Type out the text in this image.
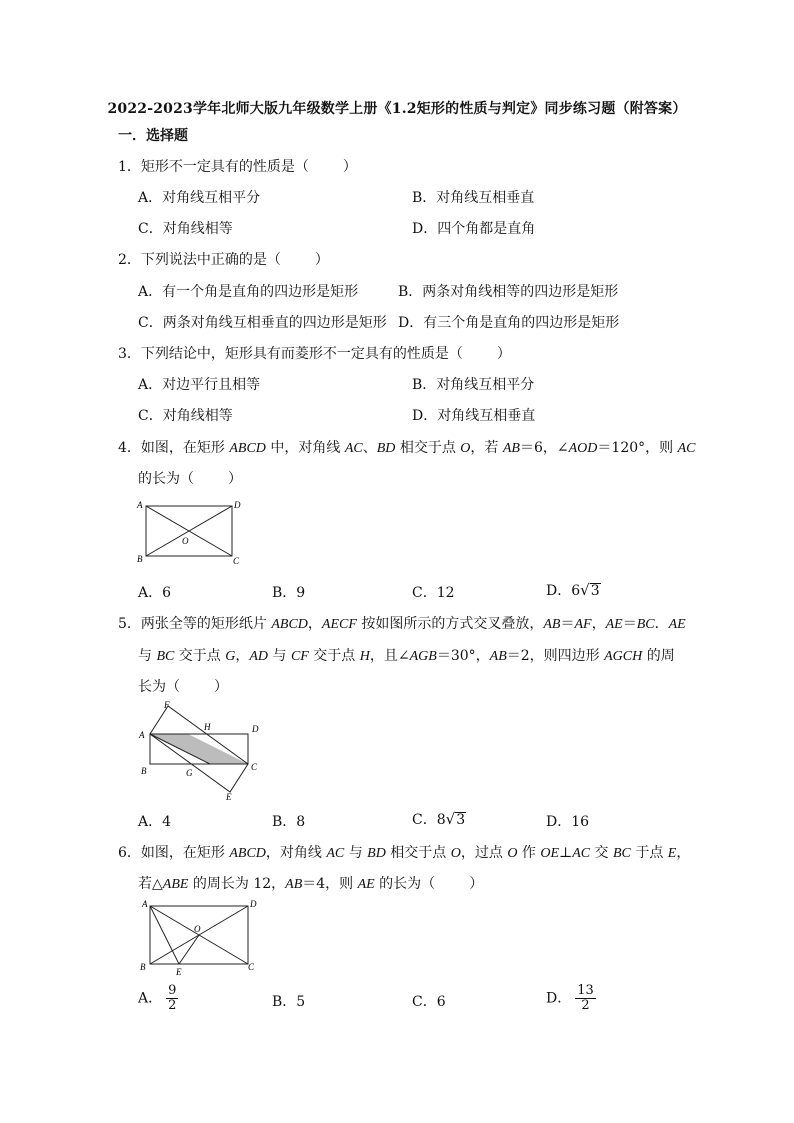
2022-2023学年北师大版九年级数学上册《1.2矩形的性质与判定》同步练习题（附答案）
一．选择题
1．矩形不一定具有的性质是（ ）
A．对角线互相平分	B．对角线互相垂直
C．对角线相等	D．四个角都是直角
2．下列说法中正确的是（ ）
A．有一个角是直角的四边形是矩形	B．两条对角线相等的四边形是矩形
C．两条对角线互相垂直的四边形是矩形 D．有三个角是直角的四边形是矩形
3．下列结论中，矩形具有而菱形不一定具有的性质是（ ）
A．对边平行且相等	B．对角线互相平分
C．对角线相等	D．对角线互相垂直
4．如图，在矩形 ABCD 中，对角线 AC、BD 相交于点 O，若 AB＝6，∠AOD＝120°，则 AC
的长为（ ）
A	D
B	C
O
A．6	B．9	C．12	D．6√3
5．两张全等的矩形纸片 ABCD，AECF 按如图所示的方式交叉叠放，AB＝AF，AE＝BC．AE
与 BC 交于点 G，AD 与 CF 交于点 H，且∠AGB＝30°，AB＝2，则四边形 AGCH 的周
长为（ ）
A
D
B	C
F
E
H
G
A．4	B．8	C．8√3	D．16
6．如图，在矩形 ABCD，对角线 AC 与 BD 相交于点 O，过点 O 作 OE⊥AC 交 BC 于点 E，
若△ABE 的周长为 12，AB＝4，则 AE 的长为（ ）
A	D
B	C
E
O
A． $\frac{9}{2}$	B．5	C．6	D． $\frac{13}{2}$
